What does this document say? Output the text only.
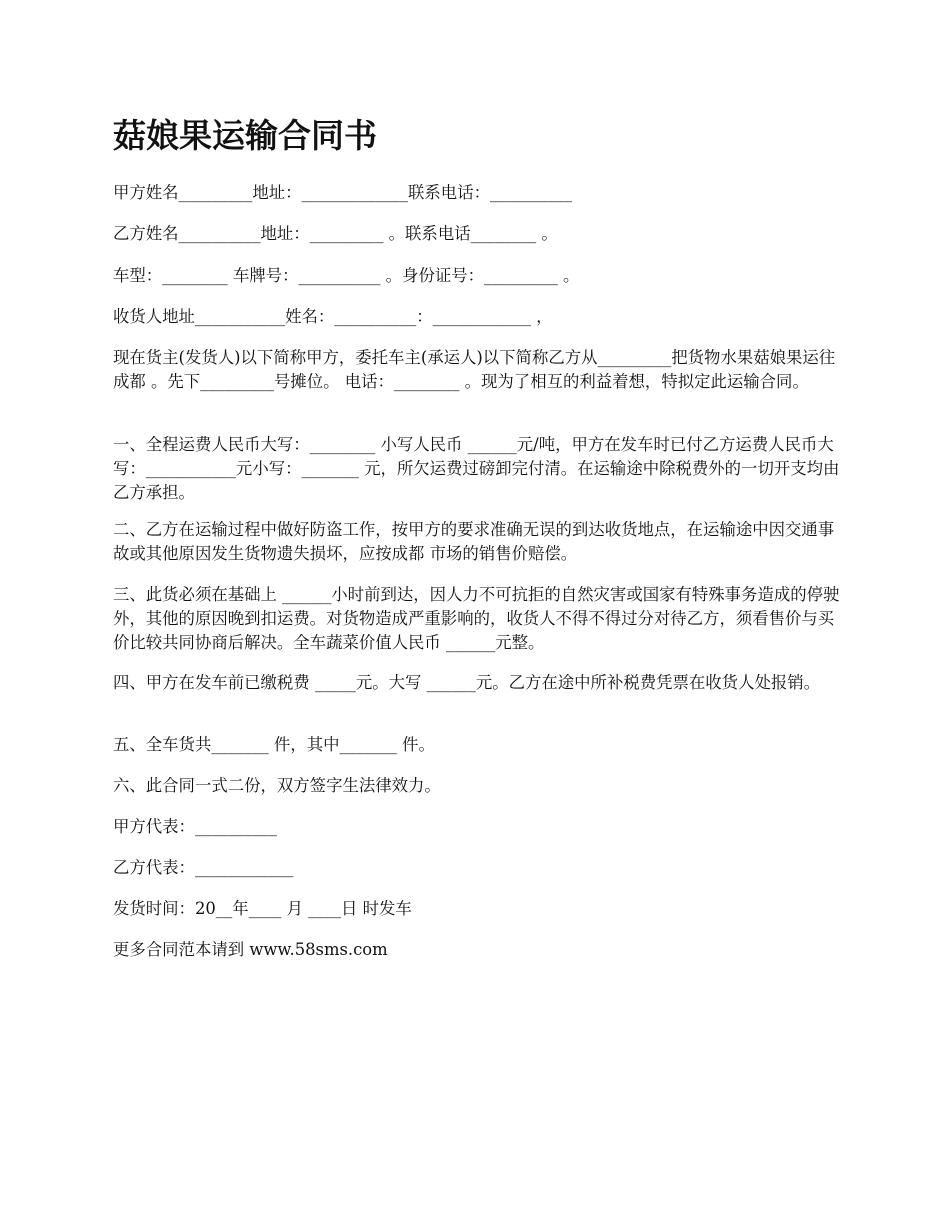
菇娘果运输合同书

甲方姓名_________地址：_____________联系电话：__________

乙方姓名__________地址：_________ 。联系电话________ 。

车型：________ 车牌号：__________ 。身份证号：_________ 。

收货人地址___________姓名：__________：____________ ，

现在货主(发货人)以下简称甲方，委托车主(承运人)以下简称乙方从_________把货物水果菇娘果运往成都 。先下_________号摊位。 电话：________ 。现为了相互的利益着想，特拟定此运输合同。

一、全程运费人民币大写：________ 小写人民币 ______元/吨，甲方在发车时已付乙方运费人民币大写：___________元小写：_______ 元，所欠运费过磅卸完付清。在运输途中除税费外的一切开支均由乙方承担。

二、乙方在运输过程中做好防盗工作，按甲方的要求准确无误的到达收货地点，在运输途中因交通事故或其他原因发生货物遗失损坏，应按成都 市场的销售价赔偿。

三、此货必须在基础上 ______小时前到达，因人力不可抗拒的自然灾害或国家有特殊事务造成的停驶外，其他的原因晚到扣运费。对货物造成严重影响的，收货人不得不得过分对待乙方，须看售价与买价比较共同协商后解决。全车蔬菜价值人民币 ______元整。

四、甲方在发车前已缴税费 _____元。大写 ______元。乙方在途中所补税费凭票在收货人处报销。

五、全车货共_______ 件，其中_______ 件。

六、此合同一式二份，双方签字生法律效力。

甲方代表：__________

乙方代表：____________

发货时间：20__年____ 月 ____日 时发车

更多合同范本请到 www.58sms.com
